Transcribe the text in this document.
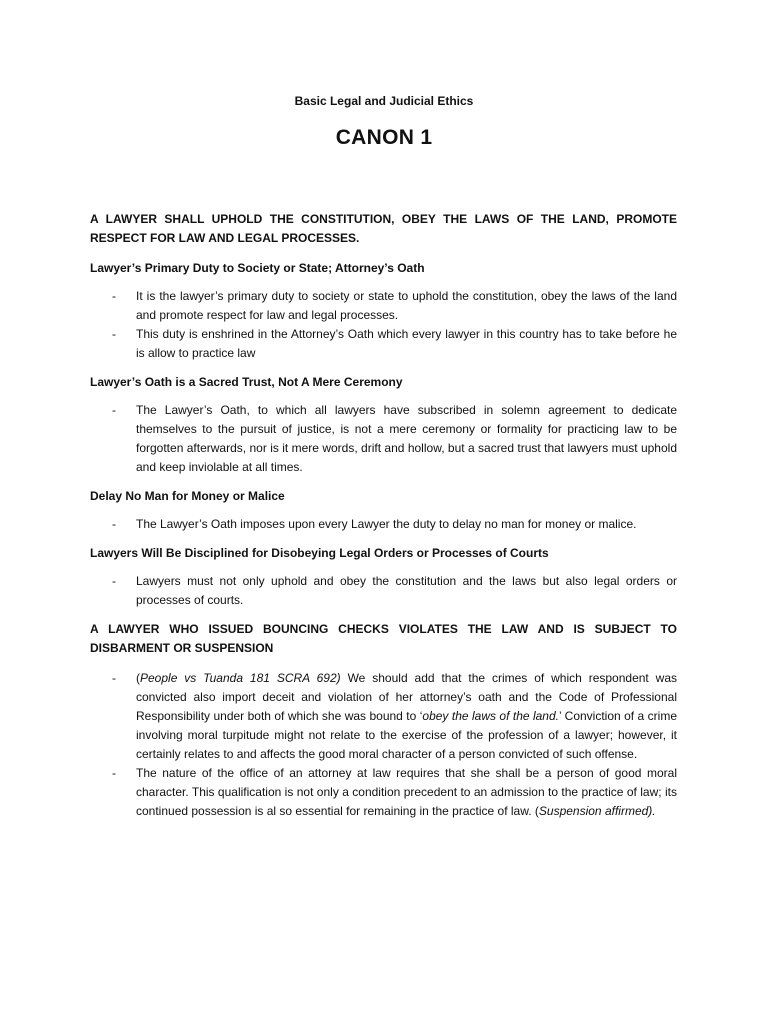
Basic Legal and Judicial Ethics
CANON 1

A LAWYER SHALL UPHOLD THE CONSTITUTION, OBEY THE LAWS OF THE LAND, PROMOTE RESPECT FOR LAW AND LEGAL PROCESSES.

Lawyer’s Primary Duty to Society or State; Attorney’s Oath

- It is the lawyer’s primary duty to society or state to uphold the constitution, obey the laws of the land and promote respect for law and legal processes.
- This duty is enshrined in the Attorney’s Oath which every lawyer in this country has to take before he is allow to practice law

Lawyer’s Oath is a Sacred Trust, Not A Mere Ceremony

- The Lawyer’s Oath, to which all lawyers have subscribed in solemn agreement to dedicate themselves to the pursuit of justice, is not a mere ceremony or formality for practicing law to be forgotten afterwards, nor is it mere words, drift and hollow, but a sacred trust that lawyers must uphold and keep inviolable at all times.

Delay No Man for Money or Malice

- The Lawyer’s Oath imposes upon every Lawyer the duty to delay no man for money or malice.

Lawyers Will Be Disciplined for Disobeying Legal Orders or Processes of Courts

- Lawyers must not only uphold and obey the constitution and the laws but also legal orders or processes of courts.

A LAWYER WHO ISSUED BOUNCING CHECKS VIOLATES THE LAW AND IS SUBJECT TO DISBARMENT OR SUSPENSION

- (People vs Tuanda 181 SCRA 692) We should add that the crimes of which respondent was convicted also import deceit and violation of her attorney’s oath and the Code of Professional Responsibility under both of which she was bound to ‘obey the laws of the land.’ Conviction of a crime involving moral turpitude might not relate to the exercise of the profession of a lawyer; however, it certainly relates to and affects the good moral character of a person convicted of such offense.
- The nature of the office of an attorney at law requires that she shall be a person of good moral character. This qualification is not only a condition precedent to an admission to the practice of law; its continued possession is al so essential for remaining in the practice of law. (Suspension affirmed).
